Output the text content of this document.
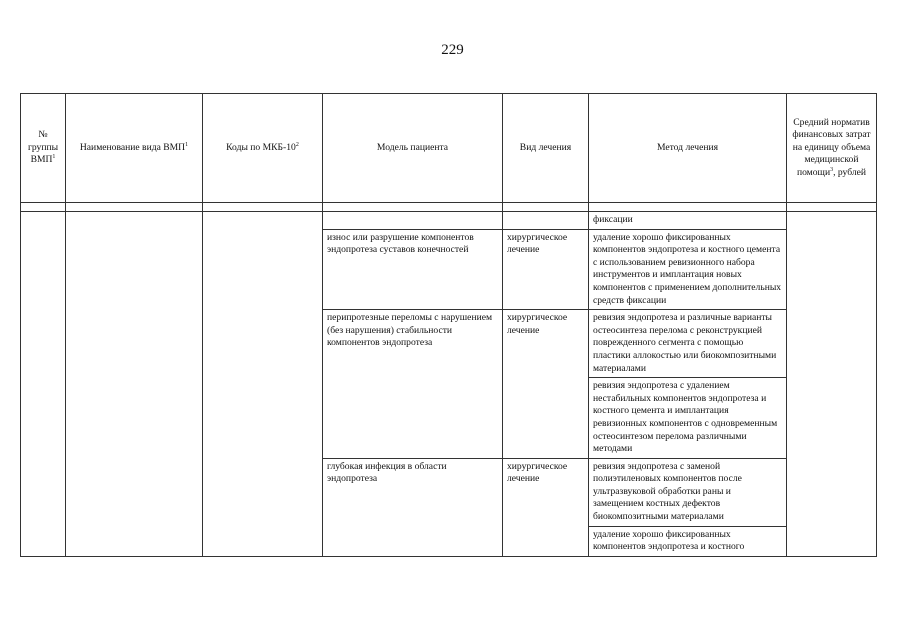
229
№ группы ВМП$^1$	Наименование вида ВМП$^1$	Коды по МКБ-$10^2$	Модель пациента	Вид лечения	Метод лечения	Средний норматив финансовых затрат на единицу объема медицинской помощи$^3$, рублей

					фиксации	
			износ или разрушение компонентов эндопротеза суставов конечностей	хирургическое лечение	удаление хорошо фиксированных компонентов эндопротеза и костного цемента с использованием ревизионного набора инструментов и имплантация новых компонентов с применением дополнительных средств фиксации	
			перипротезные переломы с нарушением (без нарушения) стабильности компонентов эндопротеза	хирургическое лечение	ревизия эндопротеза и различные варианты остеосинтеза перелома с реконструкцией поврежденного сегмента с помощью пластики аллокостью или биокомпозитными материалами	
					ревизия эндопротеза с удалением нестабильных компонентов эндопротеза и костного цемента и имплантация ревизионных компонентов с одновременным остеосинтезом перелома различными методами	
			глубокая инфекция в области эндопротеза	хирургическое лечение	ревизия эндопротеза с заменой полиэтиленовых компонентов после ультразвуковой обработки раны и замещением костных дефектов биокомпозитными материалами	
					удаление хорошо фиксированных компонентов эндопротеза и костного	
